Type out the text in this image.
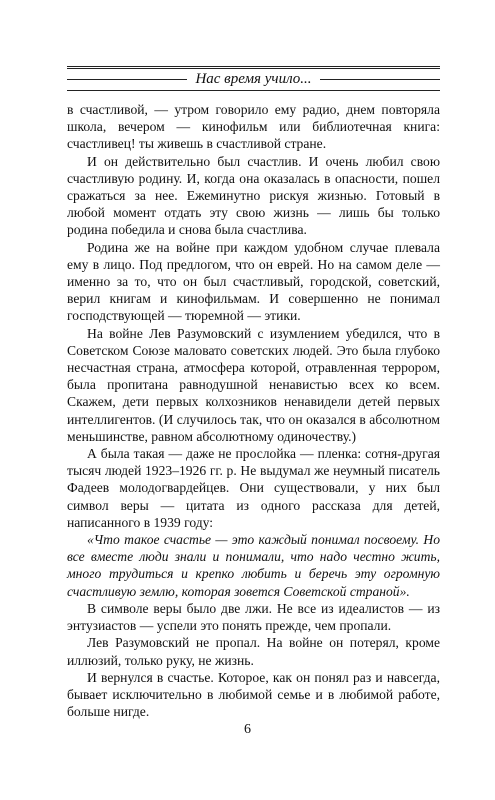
Нас время учило...

в счастливой, — утром говорило ему радио, днем повторяла школа, вечером — кинофильм или библиотечная книга: счастливец! ты живешь в счастливой стране.

И он действительно был счастлив. И очень любил свою счастливую родину. И, когда она оказалась в опасности, пошел сражаться за нее. Ежеминутно рискуя жизнью. Готовый в любой момент отдать эту свою жизнь — лишь бы только родина победила и снова была счастлива.

Родина же на войне при каждом удобном случае плевала ему в лицо. Под предлогом, что он еврей. Но на самом деле — именно за то, что он был счастливый, городской, советский, верил книгам и кинофильмам. И совершенно не понимал господствующей — тюремной — этики.

На войне Лев Разумовский с изумлением убедился, что в Советском Союзе маловато советских людей. Это была глубоко несчастная страна, атмосфера которой, отравленная террором, была пропитана равнодушной ненавистью всех ко всем. Скажем, дети первых колхозников ненавидели детей первых интеллигентов. (И случилось так, что он оказался в абсолютном меньшинстве, равном абсолютному одиночеству.)

А была такая — даже не прослойка — пленка: сотня-другая тысяч людей 1923–1926 гг. р. Не выдумал же неумный писатель Фадеев молодогвардейцев. Они существовали, у них был символ веры — цитата из одного рассказа для детей, написанного в 1939 году:

«Что такое счастье — это каждый понимал посвоему. Но все вместе люди знали и понимали, что надо честно жить, много трудиться и крепко любить и беречь эту огромную счастливую землю, которая зовется Советской страной».

В символе веры было две лжи. Не все из идеалистов — из энтузиастов — успели это понять прежде, чем пропали.

Лев Разумовский не пропал. На войне он потерял, кроме иллюзий, только руку, не жизнь.

И вернулся в счастье. Которое, как он понял раз и навсегда, бывает исключительно в любимой семье и в любимой работе, больше нигде.

6
